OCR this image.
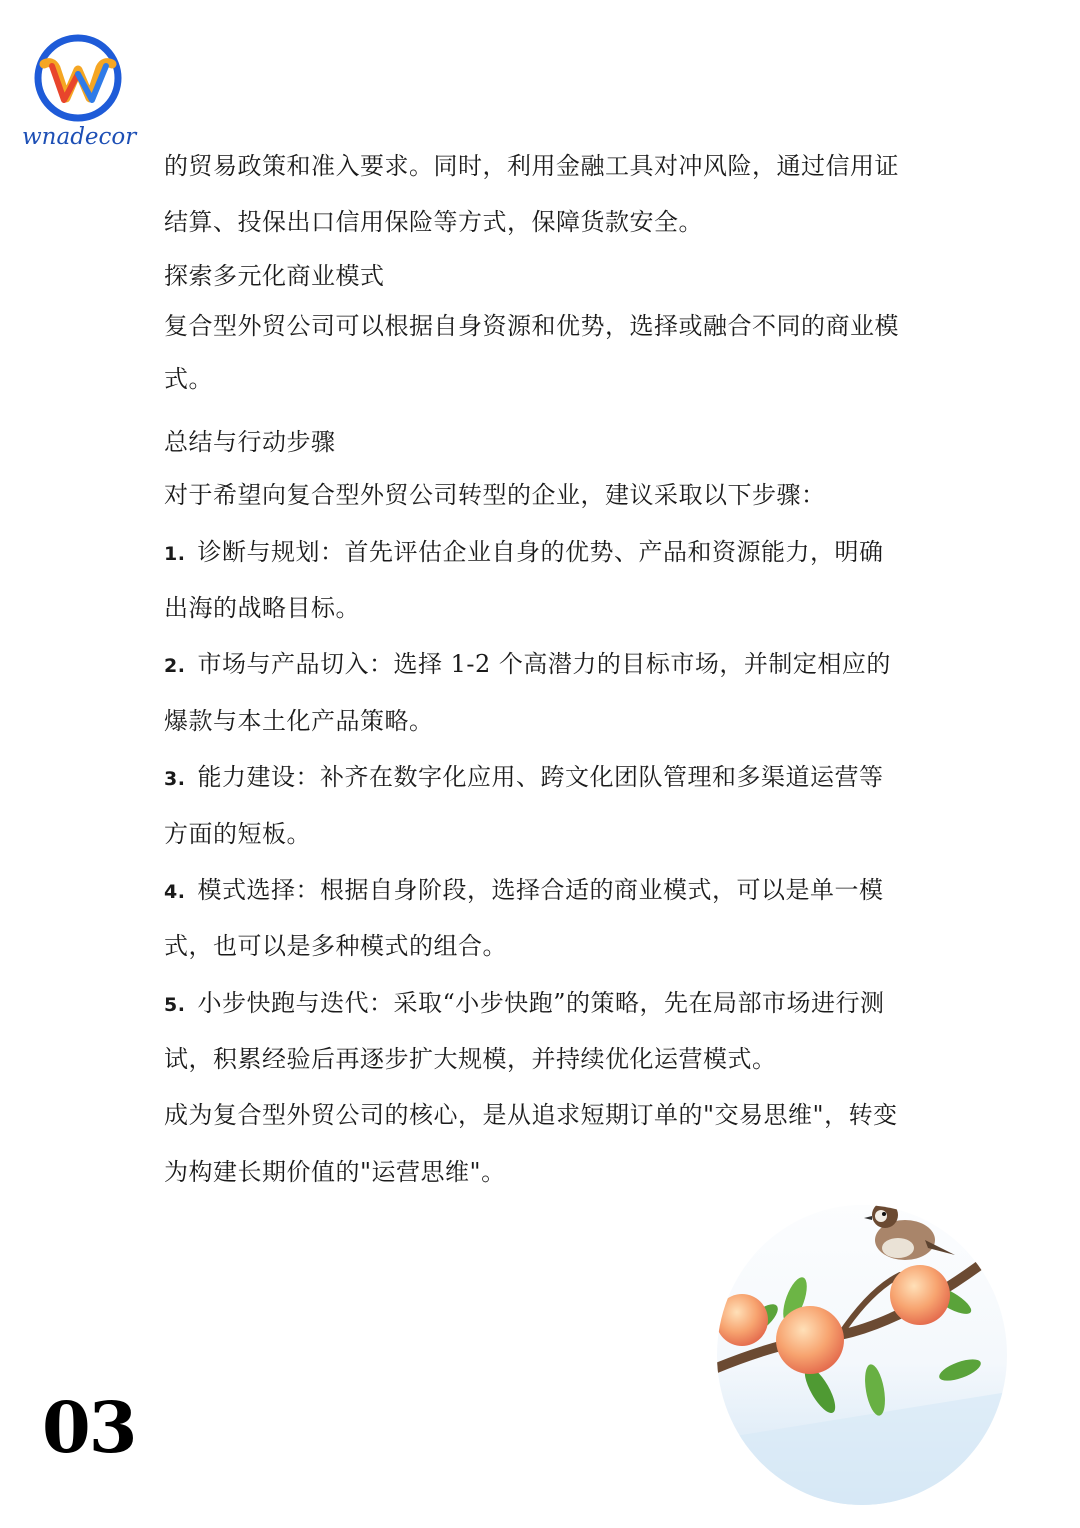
wnadecor
的贸易政策和准入要求。同时，利用金融工具对冲风险，通过信用证
结算、投保出口信用保险等方式，保障货款安全。
探索多元化商业模式
复合型外贸公司可以根据自身资源和优势，选择或融合不同的商业模
式。
总结与行动步骤
对于希望向复合型外贸公司转型的企业，建议采取以下步骤：
1. 诊断与规划：首先评估企业自身的优势、产品和资源能力，明确
出海的战略目标。
2. 市场与产品切入：选择 1-2 个高潜力的目标市场，并制定相应的
爆款与本土化产品策略。
3. 能力建设：补齐在数字化应用、跨文化团队管理和多渠道运营等
方面的短板。
4. 模式选择：根据自身阶段，选择合适的商业模式，可以是单一模
式，也可以是多种模式的组合。
5. 小步快跑与迭代：采取“小步快跑”的策略，先在局部市场进行测
试，积累经验后再逐步扩大规模，并持续优化运营模式。
成为复合型外贸公司的核心，是从追求短期订单的"交易思维"，转变
为构建长期价值的"运营思维"。
03
